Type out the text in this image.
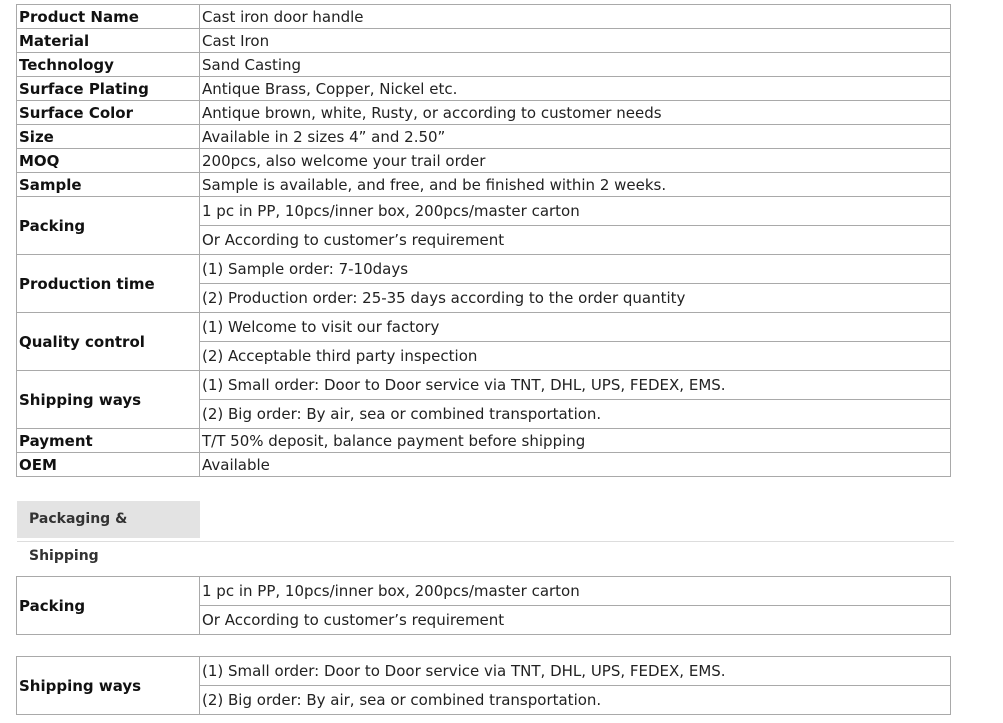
Product Name	Cast iron door handle
Material	Cast Iron
Technology	Sand Casting
Surface Plating	Antique Brass, Copper, Nickel etc.
Surface Color	Antique brown, white, Rusty, or according to customer needs
Size	Available in 2 sizes 4” and 2.50”
MOQ	200pcs, also welcome your trail order
Sample	Sample is available, and free, and be finished within 2 weeks.
Packing	1 pc in PP, 10pcs/inner box, 200pcs/master carton
	Or According to customer’s requirement
Production time	(1) Sample order: 7-10days
	(2) Production order: 25-35 days according to the order quantity
Quality control	(1) Welcome to visit our factory
	(2) Acceptable third party inspection
Shipping ways	(1) Small order: Door to Door service via TNT, DHL, UPS, FEDEX, EMS.
	(2) Big order: By air, sea or combined transportation.
Payment	T/T 50% deposit, balance payment before shipping
OEM	Available
Packaging & Shipping
Packing	1 pc in PP, 10pcs/inner box, 200pcs/master carton
Or According to customer’s requirement
Shipping ways	(1) Small order: Door to Door service via TNT, DHL, UPS, FEDEX, EMS.
(2) Big order: By air, sea or combined transportation.
